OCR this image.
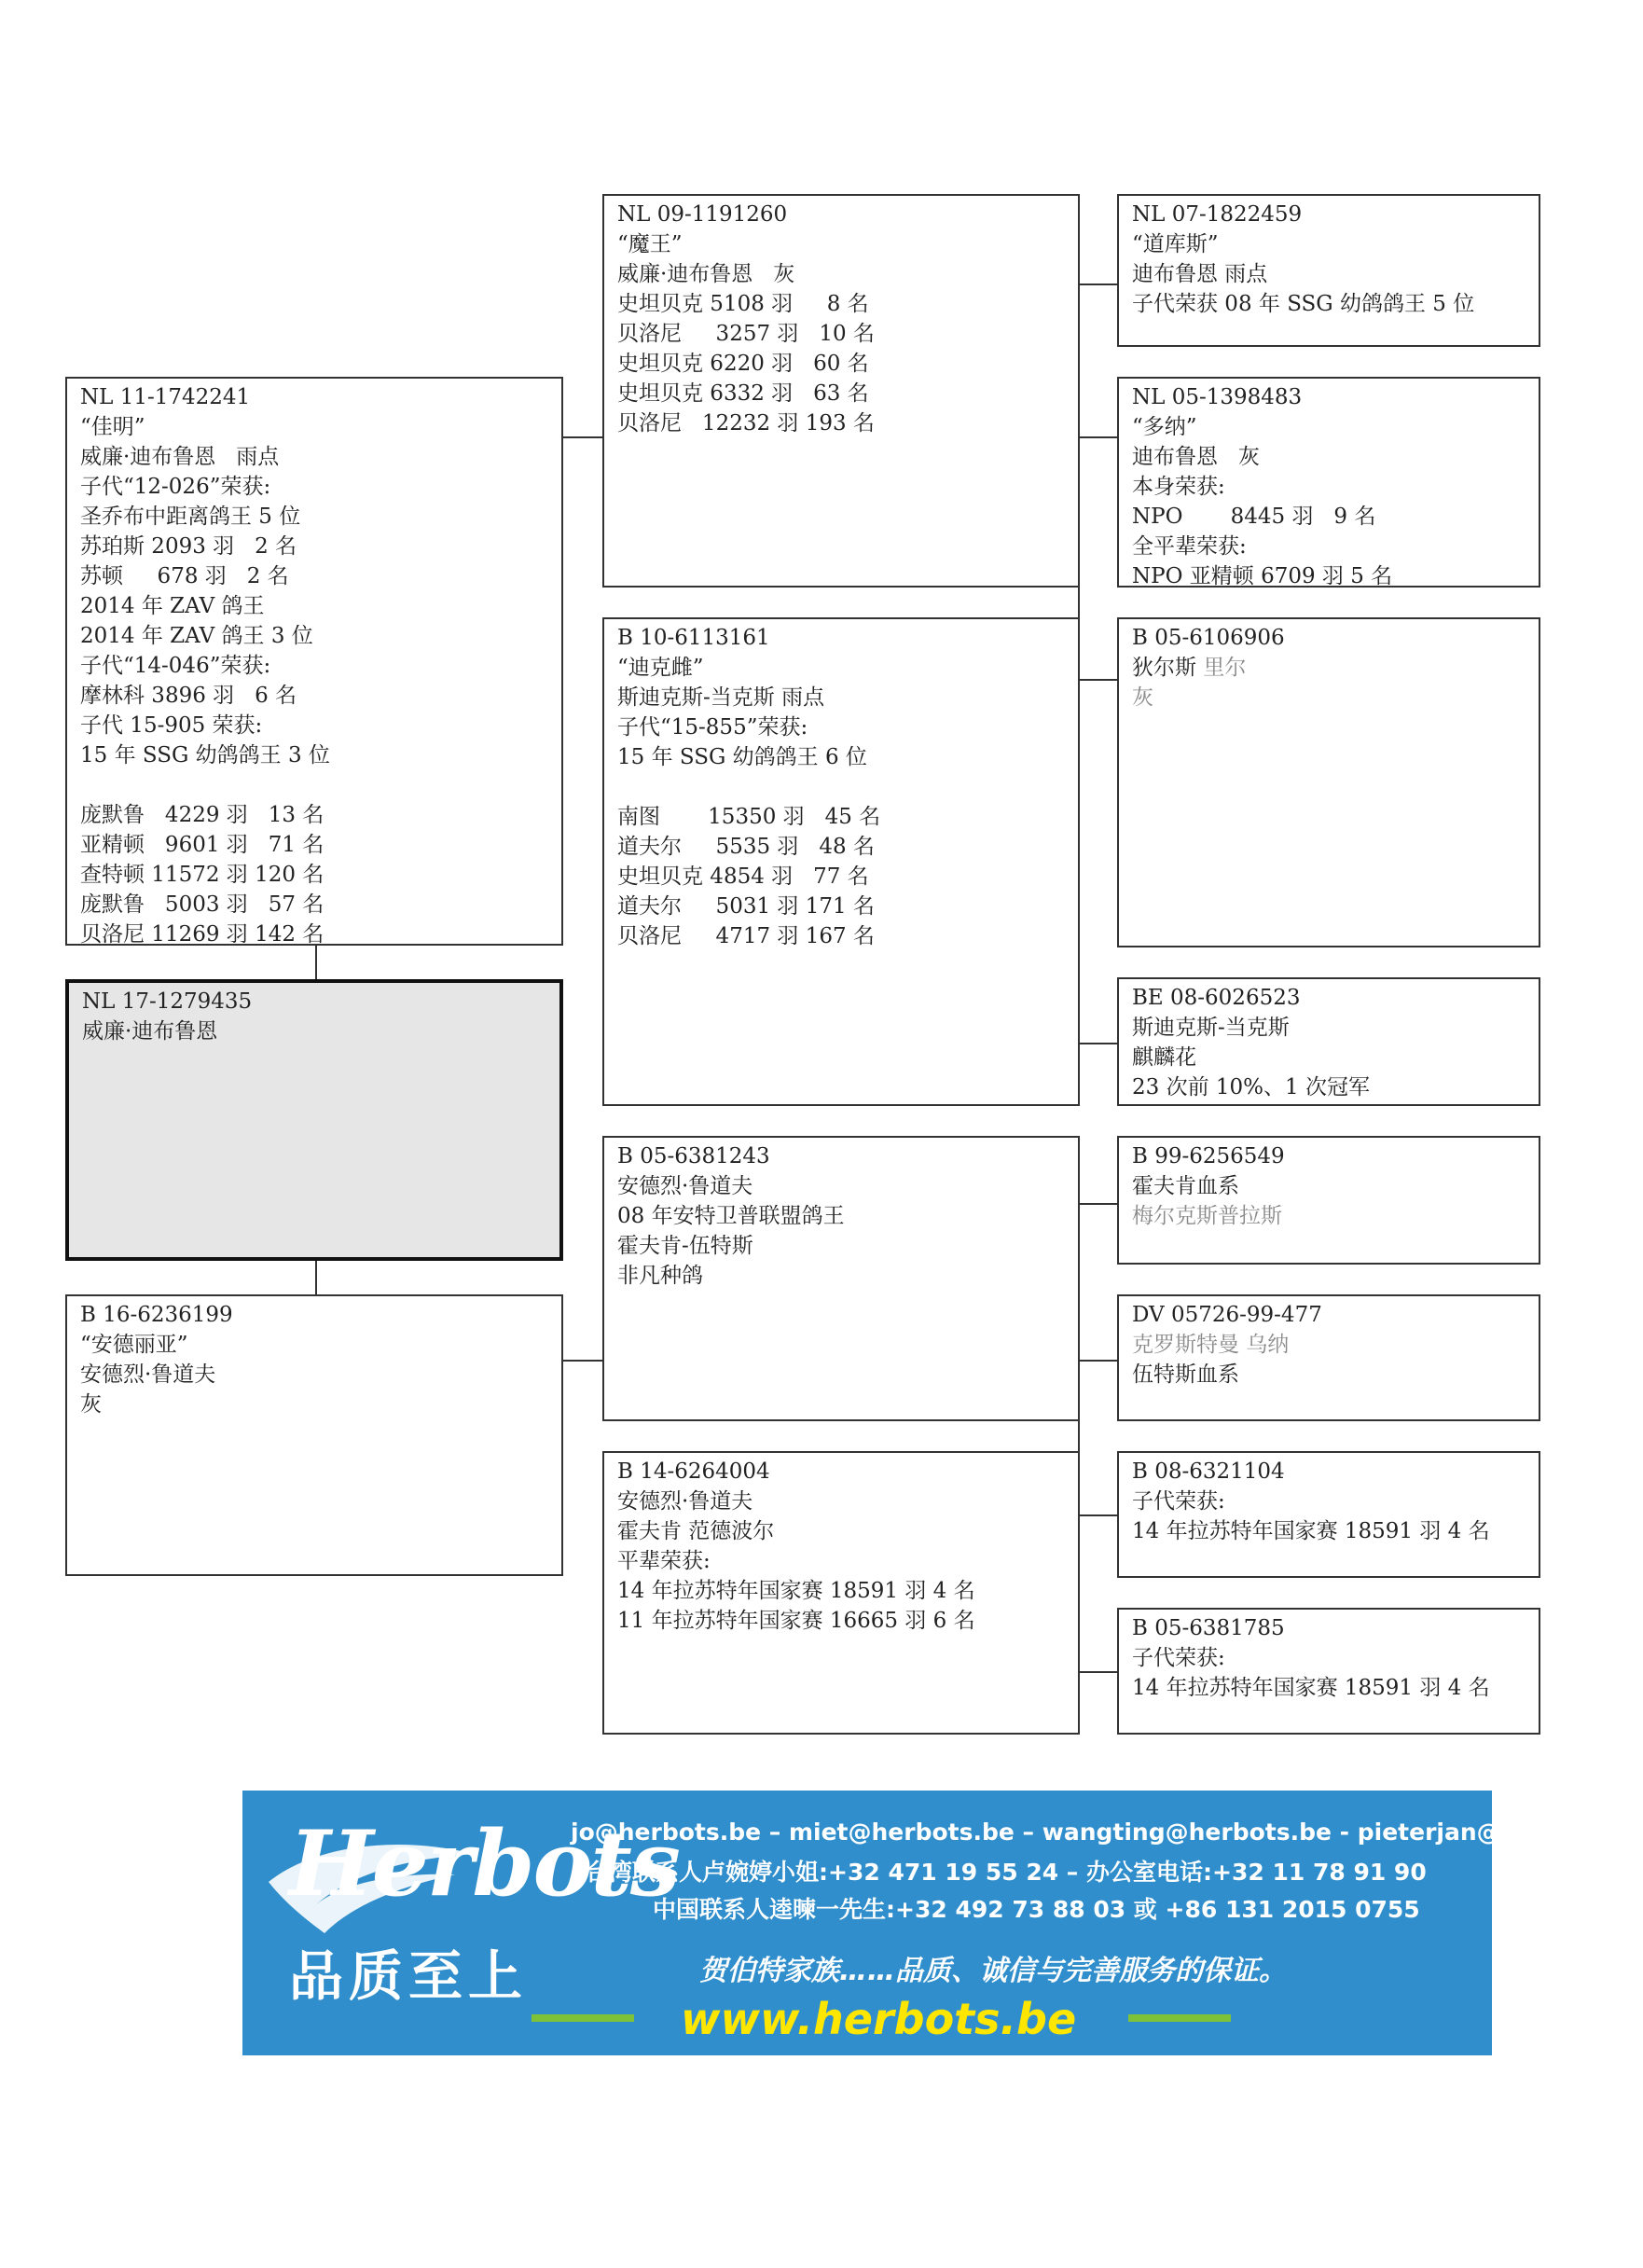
NL 11-1742241
“佳明”
威廉·迪布鲁恩   雨点
子代“12-026”荣获:
圣乔布中距离鸽王 5 位
苏珀斯 2093 羽   2 名
苏顿     678 羽   2 名
2014 年 ZAV 鸽王
2014 年 ZAV 鸽王 3 位
子代“14-046”荣获:
摩林科 3896 羽   6 名
子代 15-905 荣获:
15 年 SSG 幼鸽鸽王 3 位
庞默鲁   4229 羽   13 名
亚精顿   9601 羽   71 名
查特顿 11572 羽 120 名
庞默鲁   5003 羽   57 名
贝洛尼 11269 羽 142 名
NL 17-1279435
威廉·迪布鲁恩
B 16-6236199
“安德丽亚”
安德烈·鲁道夫
灰
NL 09-1191260
“魔王”
威廉·迪布鲁恩   灰
史坦贝克 5108 羽     8 名
贝洛尼     3257 羽   10 名
史坦贝克 6220 羽   60 名
史坦贝克 6332 羽   63 名
贝洛尼   12232 羽 193 名
B 10-6113161
“迪克雌”
斯迪克斯-当克斯 雨点
子代“15-855”荣获:
15 年 SSG 幼鸽鸽王 6 位
南图       15350 羽   45 名
道夫尔     5535 羽   48 名
史坦贝克 4854 羽   77 名
道夫尔     5031 羽 171 名
贝洛尼     4717 羽 167 名
B 05-6381243
安德烈·鲁道夫
08 年安特卫普联盟鸽王
霍夫肯-伍特斯
非凡种鸽
B 14-6264004
安德烈·鲁道夫
霍夫肯 范德波尔
平辈荣获:
14 年拉苏特年国家赛 18591 羽 4 名
11 年拉苏特年国家赛 16665 羽 6 名
NL 07-1822459
“道库斯”
迪布鲁恩 雨点
子代荣获 08 年 SSG 幼鸽鸽王 5 位
NL 05-1398483
“多纳”
迪布鲁恩   灰
本身荣获:
NPO       8445 羽   9 名
全平辈荣获:
NPO 亚精顿 6709 羽 5 名
B 05-6106906
狄尔斯 里尔
灰
BE 08-6026523
斯迪克斯-当克斯
麒麟花
23 次前 10%、1 次冠军
B 99-6256549
霍夫肯血系
梅尔克斯普拉斯
DV 05726-99-477
克罗斯特曼 乌纳
伍特斯血系
B 08-6321104
子代荣获:
14 年拉苏特年国家赛 18591 羽 4 名
B 05-6381785
子代荣获:
14 年拉苏特年国家赛 18591 羽 4 名
Herbots
品质至上
jo@herbots.be – miet@herbots.be – wangting@herbots.be - pieterjan@herbots.be
台湾联系人卢婉婷小姐:+32 471 19 55 24 – 办公室电话:+32 11 78 91 90
中国联系人逵暕一先生:+32 492 73 88 03 或 +86 131 2015 0755
贺伯特家族……品质、诚信与完善服务的保证。
www.herbots.be
